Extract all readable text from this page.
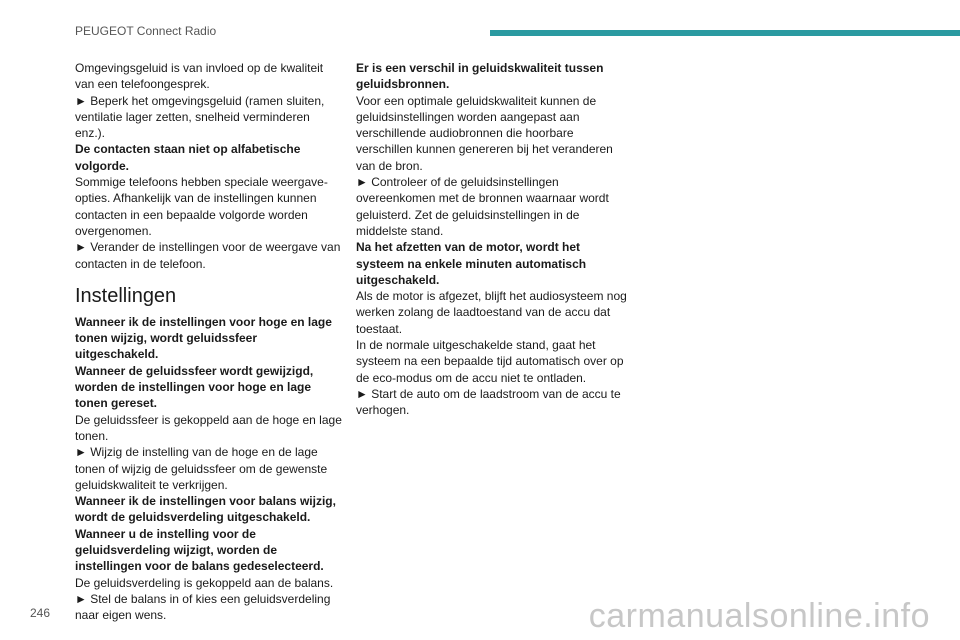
PEUGEOT Connect Radio

Omgevingsgeluid is van invloed op de kwaliteit van een telefoongesprek.

► Beperk het omgevingsgeluid (ramen sluiten, ventilatie lager zetten, snelheid verminderen enz.).

De contacten staan niet op alfabetische volgorde.

Sommige telefoons hebben speciale weergave-opties. Afhankelijk van de instellingen kunnen contacten in een bepaalde volgorde worden overgenomen.

► Verander de instellingen voor de weergave van contacten in de telefoon.

Instellingen

Wanneer ik de instellingen voor hoge en lage tonen wijzig, wordt geluidssfeer uitgeschakeld.

Wanneer de geluidssfeer wordt gewijzigd, worden de instellingen voor hoge en lage tonen gereset.

De geluidssfeer is gekoppeld aan de hoge en lage tonen.

► Wijzig de instelling van de hoge en de lage tonen of wijzig de geluidssfeer om de gewenste geluidskwaliteit te verkrijgen.

Wanneer ik de instellingen voor balans wijzig, wordt de geluidsverdeling uitgeschakeld.

Wanneer u de instelling voor de geluidsverdeling wijzigt, worden de instellingen voor de balans gedeselecteerd.

De geluidsverdeling is gekoppeld aan de balans.

► Stel de balans in of kies een geluidsverdeling naar eigen wens.

Er is een verschil in geluidskwaliteit tussen geluidsbronnen.

Voor een optimale geluidskwaliteit kunnen de geluidsinstellingen worden aangepast aan verschillende audiobronnen die hoorbare verschillen kunnen genereren bij het veranderen van de bron.

► Controleer of de geluidsinstellingen overeenkomen met de bronnen waarnaar wordt geluisterd. Zet de geluidsinstellingen in de middelste stand.

Na het afzetten van de motor, wordt het systeem na enkele minuten automatisch uitgeschakeld.

Als de motor is afgezet, blijft het audiosysteem nog werken zolang de laadtoestand van de accu dat toestaat.

In de normale uitgeschakelde stand, gaat het systeem na een bepaalde tijd automatisch over op de eco-modus om de accu niet te ontladen.

► Start de auto om de laadstroom van de accu te verhogen.

246	carmanualsonline.info
